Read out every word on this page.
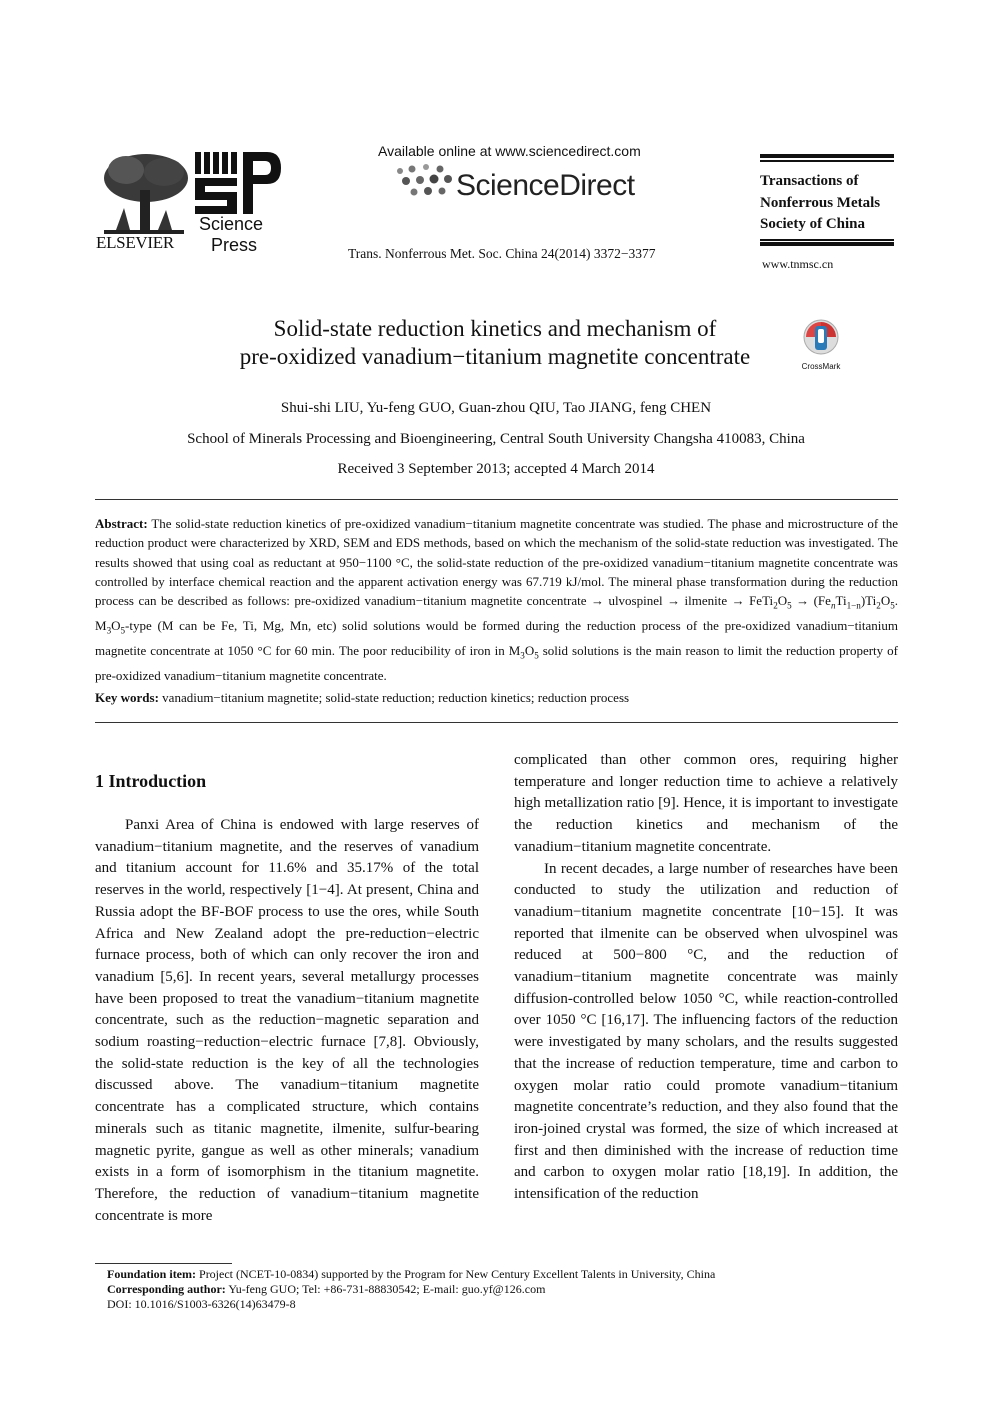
ELSEVIER
Science
Press
Available online at www.sciencedirect.com
ScienceDirect
Trans. Nonferrous Met. Soc. China 24(2014) 3372−3377
Transactions of
Nonferrous Metals
Society of China
www.tnmsc.cn
Solid-state reduction kinetics and mechanism of
pre-oxidized vanadium−titanium magnetite concentrate	CrossMark
Shui-shi LIU, Yu-feng GUO, Guan-zhou QIU, Tao JIANG, feng CHEN
School of Minerals Processing and Bioengineering, Central South University Changsha 410083, China
Received 3 September 2013; accepted 4 March 2014
Abstract: The solid-state reduction kinetics of pre-oxidized vanadium−titanium magnetite concentrate was studied. The phase and microstructure of the reduction product were characterized by XRD, SEM and EDS methods, based on which the mechanism of the solid-state reduction was investigated. The results showed that using coal as reductant at 950−1100 °C, the solid-state reduction of the pre-oxidized vanadium−titanium magnetite concentrate was controlled by interface chemical reaction and the apparent activation energy was 67.719 kJ/mol. The mineral phase transformation during the reduction process can be described as follows: pre-oxidized vanadium−titanium magnetite concentrate → ulvospinel → ilmenite → $FeTi_2O_5 \to (Fe_nTi_{1-n})Ti_2O_5$. $M_3O_5$-type (M can be Fe, Ti, Mg, Mn, etc) solid solutions would be formed during the reduction process of the pre-oxidized vanadium−titanium magnetite concentrate at 1050 °C for 60 min. The poor reducibility of iron in $M_3O_5$ solid solutions is the main reason to limit the reduction property of pre-oxidized vanadium−titanium magnetite concentrate.
Key words: vanadium−titanium magnetite; solid-state reduction; reduction kinetics; reduction process
1 Introduction

Panxi Area of China is endowed with large reserves of vanadium−titanium magnetite, and the reserves of vanadium and titanium account for 11.6% and 35.17% of the total reserves in the world, respectively [1−4]. At present, China and Russia adopt the BF-BOF process to use the ores, while South Africa and New Zealand adopt the pre-reduction−electric furnace process, both of which can only recover the iron and vanadium [5,6]. In recent years, several metallurgy processes have been proposed to treat the vanadium−titanium magnetite concentrate, such as the reduction−magnetic separation and sodium roasting−reduction−electric furnace [7,8]. Obviously, the solid-state reduction is the key of all the technologies discussed above. The vanadium−titanium magnetite concentrate has a complicated structure, which contains minerals such as titanic magnetite, ilmenite, sulfur-bearing magnetic pyrite, gangue as well as other minerals; vanadium exists in a form of isomorphism in the titanium magnetite. Therefore, the reduction of vanadium−titanium magnetite concentrate is more

complicated than other common ores, requiring higher temperature and longer reduction time to achieve a relatively high metallization ratio [9]. Hence, it is important to investigate the reduction kinetics and mechanism of the vanadium−titanium magnetite concentrate.

In recent decades, a large number of researches have been conducted to study the utilization and reduction of vanadium−titanium magnetite concentrate [10−15]. It was reported that ilmenite can be observed when ulvospinel was reduced at 500−800 °C, and the reduction of vanadium−titanium magnetite concentrate was mainly diffusion-controlled below 1050 °C, while reaction-controlled over 1050 °C [16,17]. The influencing factors of the reduction were investigated by many scholars, and the results suggested that the increase of reduction temperature, time and carbon to oxygen molar ratio could promote vanadium−titanium magnetite concentrate’s reduction, and they also found that the iron-joined crystal was formed, the size of which increased at first and then diminished with the increase of reduction time and carbon to oxygen molar ratio [18,19]. In addition, the intensification of the reduction

Foundation item: Project (NCET-10-0834) supported by the Program for New Century Excellent Talents in University, China
Corresponding author: Yu-feng GUO; Tel: +86-731-88830542; E-mail: guo.yf@126.com
DOI: 10.1016/S1003-6326(14)63479-8
